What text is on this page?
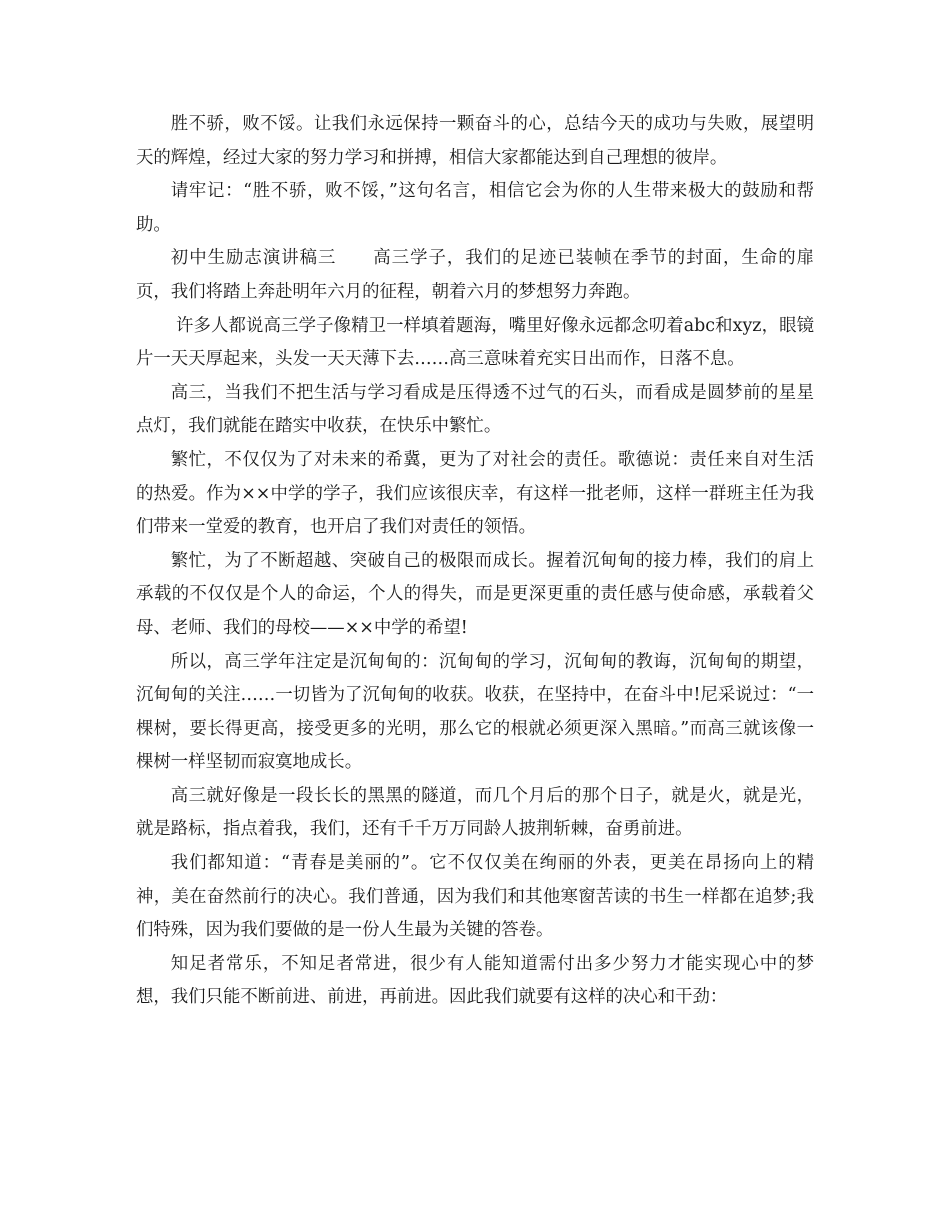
胜不骄，败不馁。让我们永远保持一颗奋斗的心，总结今天的成功与失败，展望明天的辉煌，经过大家的努力学习和拼搏，相信大家都能达到自己理想的彼岸。

请牢记：“胜不骄，败不馁，”这句名言，相信它会为你的人生带来极大的鼓励和帮助。

初中生励志演讲稿三　　高三学子，我们的足迹已装帧在季节的封面，生命的扉页，我们将踏上奔赴明年六月的征程，朝着六月的梦想努力奔跑。

许多人都说高三学子像精卫一样填着题海，嘴里好像永远都念叨着abc和xyz，眼镜片一天天厚起来，头发一天天薄下去……高三意味着充实日出而作，日落不息。

高三，当我们不把生活与学习看成是压得透不过气的石头，而看成是圆梦前的星星点灯，我们就能在踏实中收获，在快乐中繁忙。

繁忙，不仅仅为了对未来的希冀，更为了对社会的责任。歌德说：责任来自对生活的热爱。作为××中学的学子，我们应该很庆幸，有这样一批老师，这样一群班主任为我们带来一堂爱的教育，也开启了我们对责任的领悟。

繁忙，为了不断超越、突破自己的极限而成长。握着沉甸甸的接力棒，我们的肩上承载的不仅仅是个人的命运，个人的得失，而是更深更重的责任感与使命感，承载着父母、老师、我们的母校——××中学的希望!

所以，高三学年注定是沉甸甸的：沉甸甸的学习，沉甸甸的教诲，沉甸甸的期望，沉甸甸的关注……一切皆为了沉甸甸的收获。收获，在坚持中，在奋斗中!尼采说过：“一棵树，要长得更高，接受更多的光明，那么它的根就必须更深入黑暗。”而高三就该像一棵树一样坚韧而寂寞地成长。

高三就好像是一段长长的黑黑的隧道，而几个月后的那个日子，就是火，就是光，就是路标，指点着我，我们，还有千千万万同龄人披荆斩棘，奋勇前进。

我们都知道：“青春是美丽的”。它不仅仅美在绚丽的外表，更美在昂扬向上的精神，美在奋然前行的决心。我们普通，因为我们和其他寒窗苦读的书生一样都在追梦;我们特殊，因为我们要做的是一份人生最为关键的答卷。

知足者常乐，不知足者常进，很少有人能知道需付出多少努力才能实现心中的梦想，我们只能不断前进、前进，再前进。因此我们就要有这样的决心和干劲：
